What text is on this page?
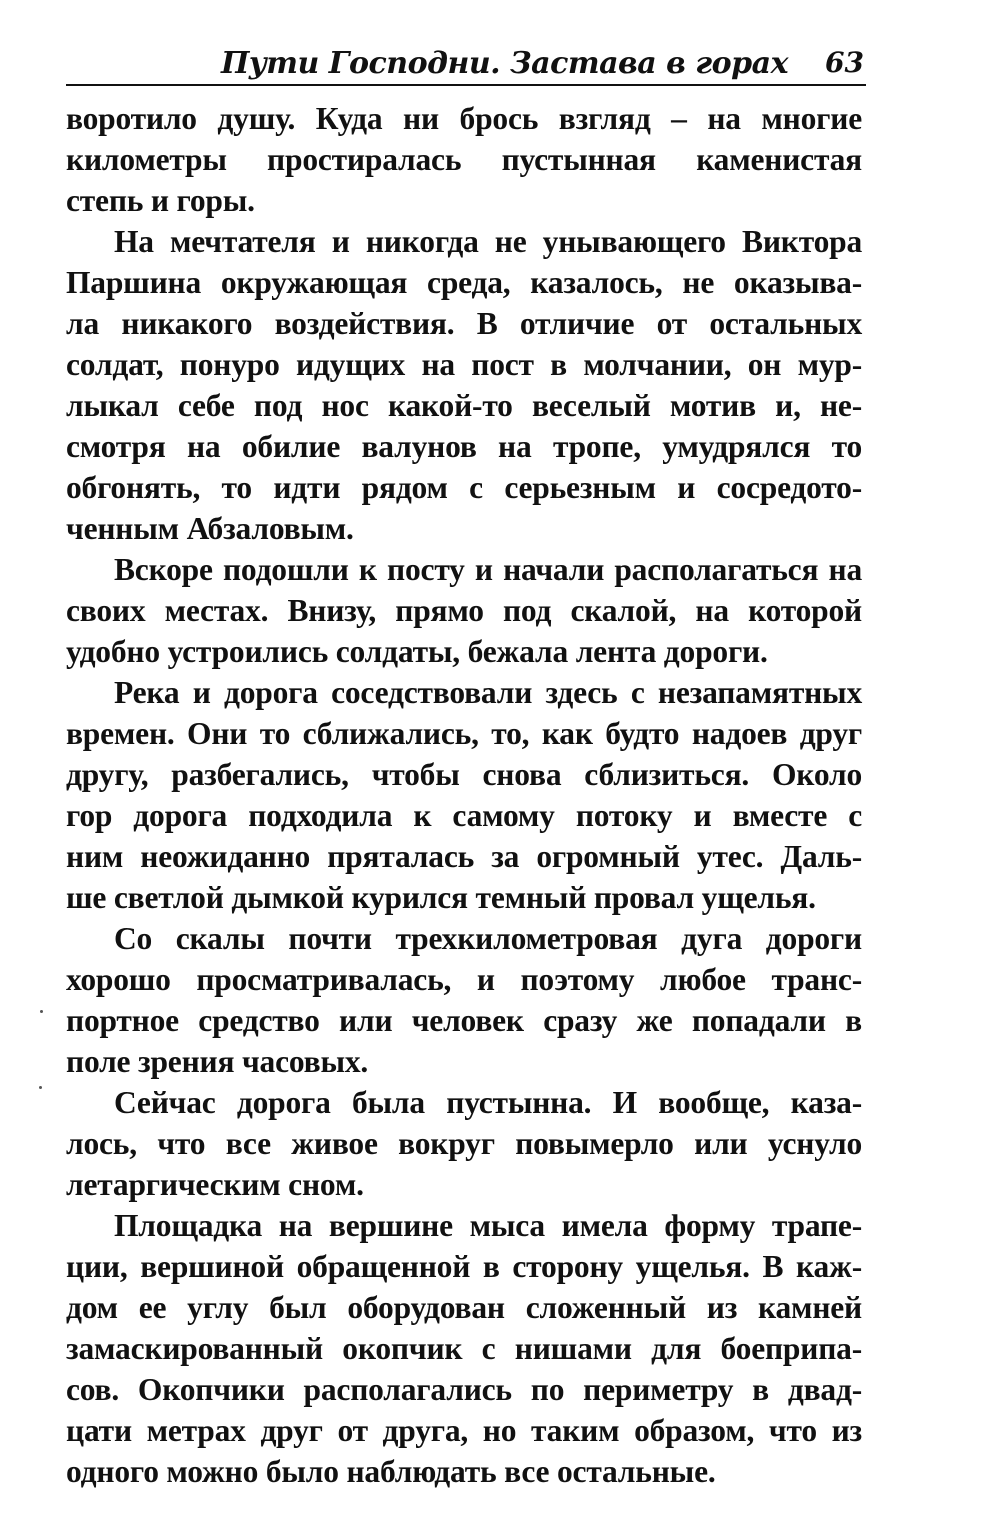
Пути Господни. Застава в горах 63

воротило душу. Куда ни брось взгляд – на многие
километры простиралась пустынная каменистая
степь и горы.

На мечтателя и никогда не унывающего Виктора
Паршина окружающая среда, казалось, не оказыва-
ла никакого воздействия. В отличие от остальных
солдат, понуро идущих на пост в молчании, он мур-
лыкал себе под нос какой-то веселый мотив и, не-
смотря на обилие валунов на тропе, умудрялся то
обгонять, то идти рядом с серьезным и сосредото-
ченным Абзаловым.

Вскоре подошли к посту и начали располагаться на
своих местах. Внизу, прямо под скалой, на которой
удобно устроились солдаты, бежала лента дороги.

Река и дорога соседствовали здесь с незапамятных
времен. Они то сближались, то, как будто надоев друг
другу, разбегались, чтобы снова сблизиться. Около
гор дорога подходила к самому потоку и вместе с
ним неожиданно пряталась за огромный утес. Даль-
ше светлой дымкой курился темный провал ущелья.

Со скалы почти трехкилометровая дуга дороги
хорошо просматривалась, и поэтому любое транс-
портное средство или человек сразу же попадали в
поле зрения часовых.

Сейчас дорога была пустынна. И вообще, каза-
лось, что все живое вокруг повымерло или уснуло
летаргическим сном.

Площадка на вершине мыса имела форму трапе-
ции, вершиной обращенной в сторону ущелья. В каж-
дом ее углу был оборудован сложенный из камней
замаскированный окопчик с нишами для боеприпа-
сов. Окопчики располагались по периметру в двад-
цати метрах друг от друга, но таким образом, что из
одного можно было наблюдать все остальные.
